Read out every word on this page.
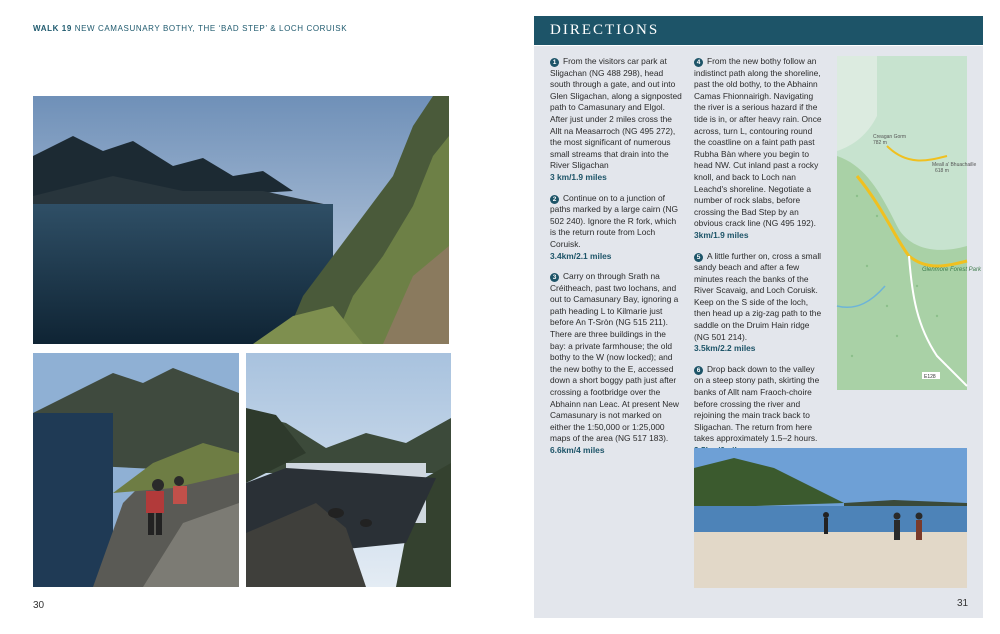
WALK 19 NEW CAMASUNARY BOTHY, THE ‘BAD STEP’ & LOCH CORUISK
30
DIRECTIONS

1 From the visitors car park at Sligachan (NG 488 298), head south through a gate, and out into Glen Sligachan, along a signposted path to Camasunary and Elgol. After just under 2 miles cross the Allt na Measarroch (NG 495 272), the most significant of numerous small streams that drain into the River Sligachan
3 km/1.9 miles

2 Continue on to a junction of paths marked by a large cairn (NG 502 240). Ignore the R fork, which is the return route from Loch Coruisk.
3.4km/2.1 miles

3 Carry on through Srath na Créitheach, past two lochans, and out to Camasunary Bay, ignoring a path heading L to Kilmarie just before An T-Sròn (NG 515 211). There are three buildings in the bay: a private farmhouse; the old bothy to the W (now locked); and the new bothy to the E, accessed down a short boggy path just after crossing a footbridge over the Abhainn nan Leac. At present New Camasunary is not marked on either the 1:50,000 or 1:25,000 maps of the area (NG 517 183).
6.6km/4 miles

4 From the new bothy follow an indistinct path along the shoreline, past the old bothy, to the Abhainn Camas Fhionnairigh. Navigating the river is a serious hazard if the tide is in, or after heavy rain. Once across, turn L, contouring round the coastline on a faint path past Rubha Bàn where you begin to head NW. Cut inland past a rocky knoll, and back to Loch nan Leachd's shoreline. Negotiate a number of rock slabs, before crossing the Bad Step by an obvious crack line (NG 495 192).
3km/1.9 miles

5 A little further on, cross a small sandy beach and after a few minutes reach the banks of the River Scavaig, and Loch Coruisk. Keep on the S side of the loch, then head up a zig-zag path to the saddle on the Druim Hain ridge (NG 501 214).
3.5km/2.2 miles

6 Drop back down to the valley on a steep stony path, skirting the banks of Allt nam Fraoch-choire before crossing the river and rejoining the main track back to Sligachan. The return from here takes approximately 1.5–2 hours.

Creagan Gorm
782 m
Meall a' Bhuachaille
618 m
Glenmore Forest Park
E128
31
